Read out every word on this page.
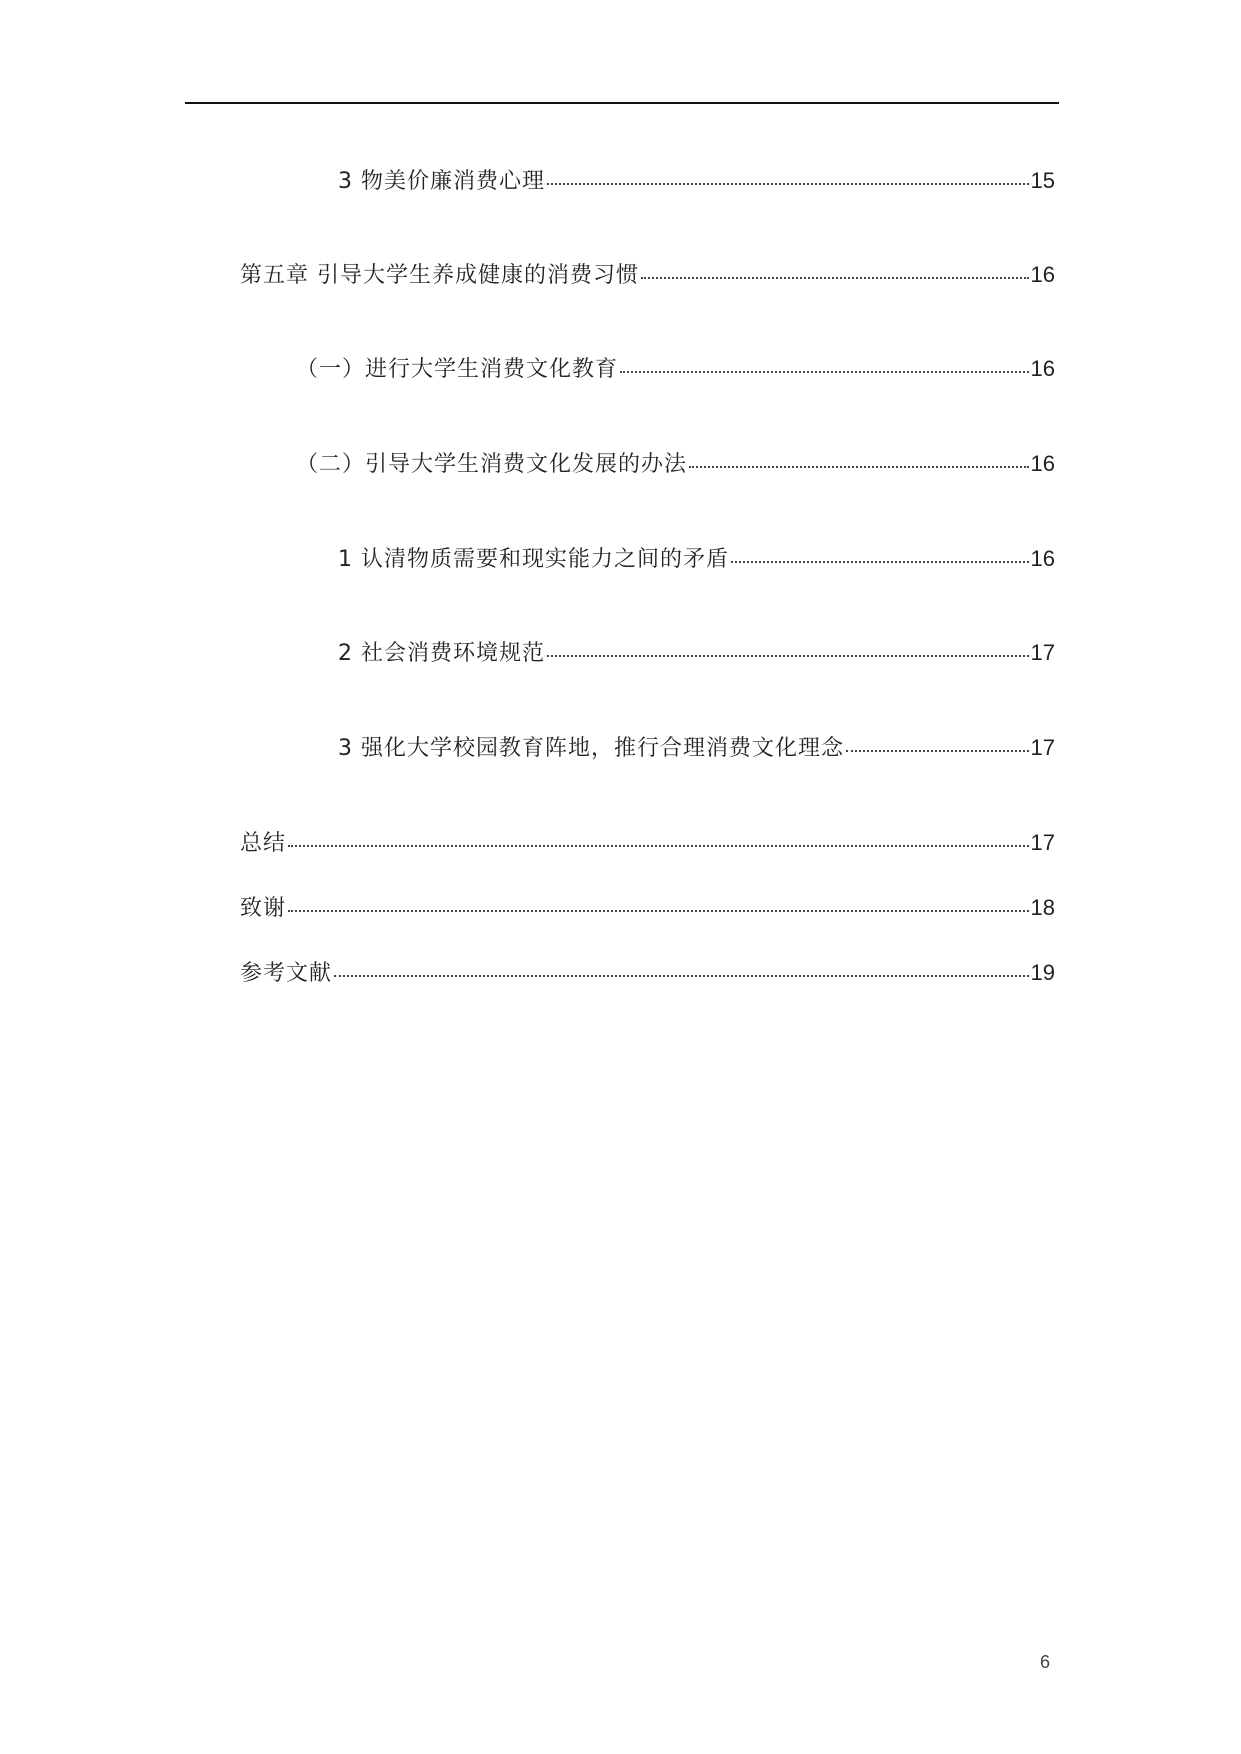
3 物美价廉消费心理	15
第五章 引导大学生养成健康的消费习惯	16
（一）进行大学生消费文化教育	16
（二）引导大学生消费文化发展的办法	16
1 认清物质需要和现实能力之间的矛盾	16
2 社会消费环境规范	17
3 强化大学校园教育阵地，推行合理消费文化理念	17
总结	17
致谢	18
参考文献	19
6
